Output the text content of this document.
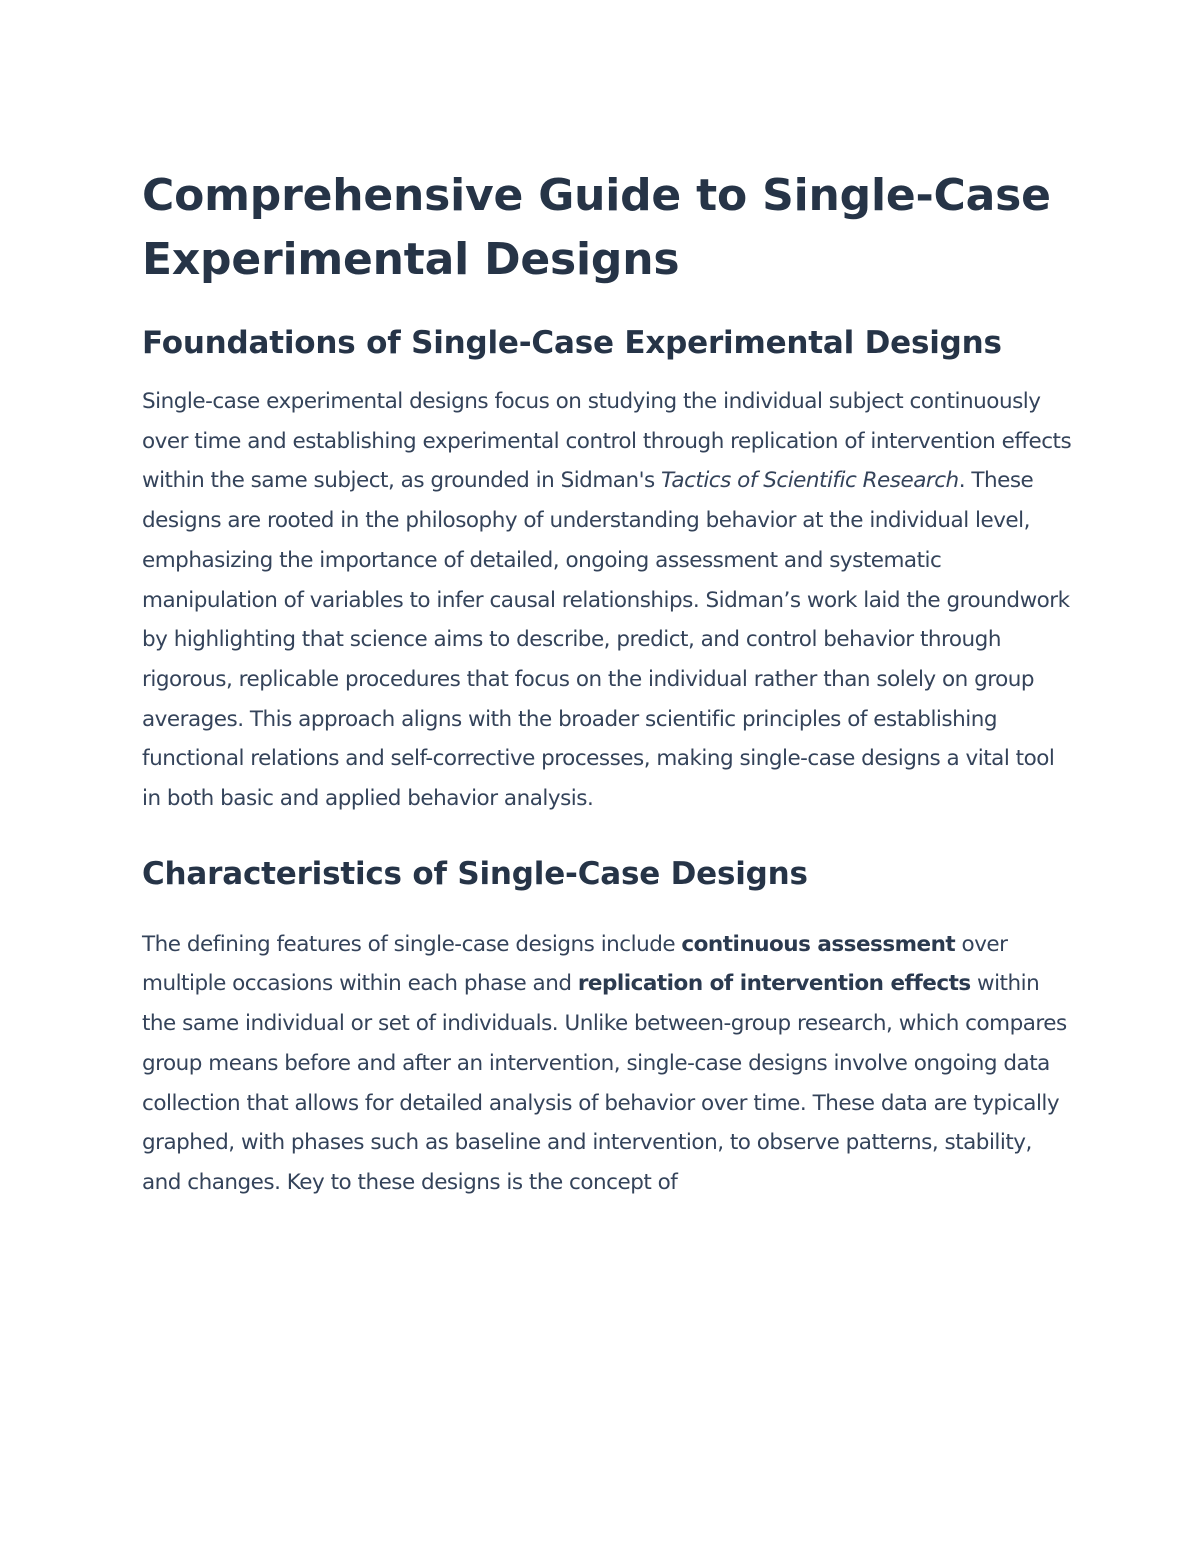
Comprehensive Guide to Single-Case Experimental Designs
Foundations of Single-Case Experimental Designs

Single-case experimental designs focus on studying the individual subject continuously over time and establishing experimental control through replication of intervention effects within the same subject, as grounded in Sidman's Tactics of Scientific Research. These designs are rooted in the philosophy of understanding behavior at the individual level, emphasizing the importance of detailed, ongoing assessment and systematic manipulation of variables to infer causal relationships. Sidman’s work laid the groundwork by highlighting that science aims to describe, predict, and control behavior through rigorous, replicable procedures that focus on the individual rather than solely on group averages. This approach aligns with the broader scientific principles of establishing functional relations and self-corrective processes, making single-case designs a vital tool in both basic and applied behavior analysis.

Characteristics of Single-Case Designs

The defining features of single-case designs include continuous assessment over multiple occasions within each phase and replication of intervention effects within the same individual or set of individuals. Unlike between-group research, which compares group means before and after an intervention, single-case designs involve ongoing data collection that allows for detailed analysis of behavior over time. These data are typically graphed, with phases such as baseline and intervention, to observe patterns, stability, and changes. Key to these designs is the concept of
